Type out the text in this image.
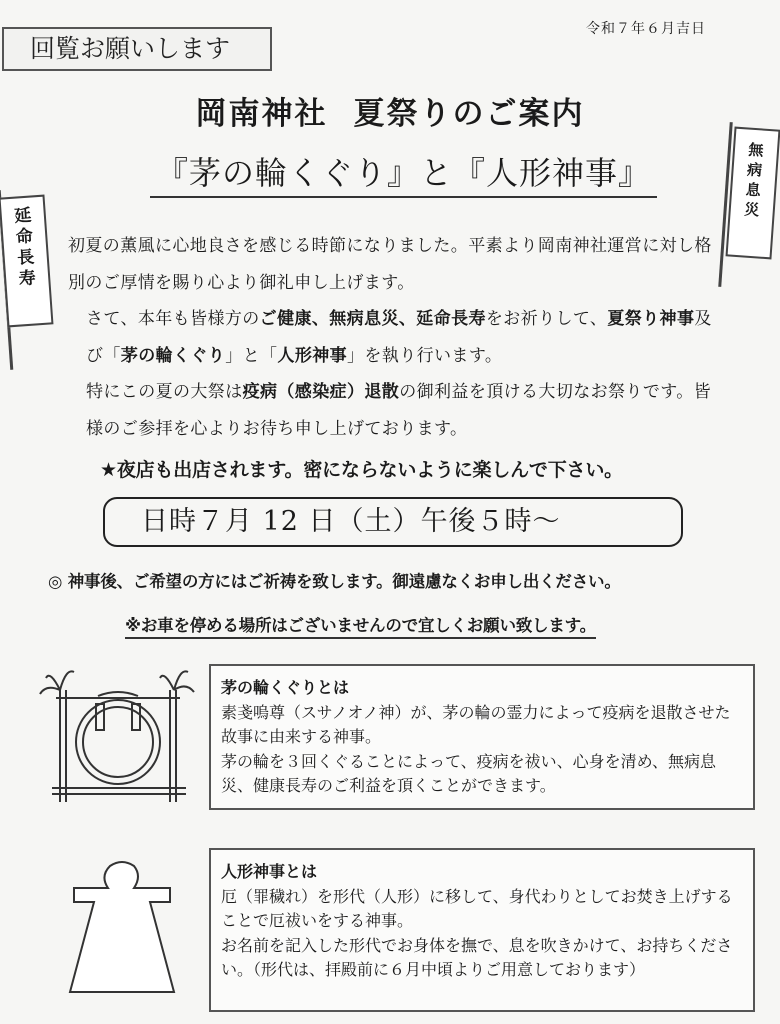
回覧お願いします
令和７年６月吉日
岡南神社 夏祭りのご案内
『茅の輪くぐり』と『人形神事』
延
命
長
寿
無
病
息
災

初夏の薫風に心地良さを感じる時節になりました。平素より岡南神社運営に対し格別のご厚情を賜り心より御礼申し上げます。

さて、本年も皆様方のご健康、無病息災、延命長寿をお祈りして、夏祭り神事及び「茅の輪くぐり」と「人形神事」を執り行います。

特にこの夏の大祭は疫病（感染症）退散の御利益を頂ける大切なお祭りです。皆様のご参拝を心よりお待ち申し上げております。

★夜店も出店されます。密にならないように楽しんで下さい。
日時７月 12 日（土）午後５時～
◎ 神事後、ご希望の方にはご祈祷を致します。御遠慮なくお申し出ください。
※お車を停める場所はございませんので宜しくお願い致します。

茅の輪くぐりとは

素戔嗚尊（スサノオノ神）が、茅の輪の霊力によって疫病を退散させた故事に由来する神事。

茅の輪を３回くぐることによって、疫病を祓い、心身を清め、無病息災、健康長寿のご利益を頂くことができます。

人形神事とは

厄（罪穢れ）を形代（人形）に移して、身代わりとしてお焚き上げすることで厄祓いをする神事。

お名前を記入した形代でお身体を撫で、息を吹きかけて、お持ちください。（形代は、拝殿前に６月中頃よりご用意しております）
